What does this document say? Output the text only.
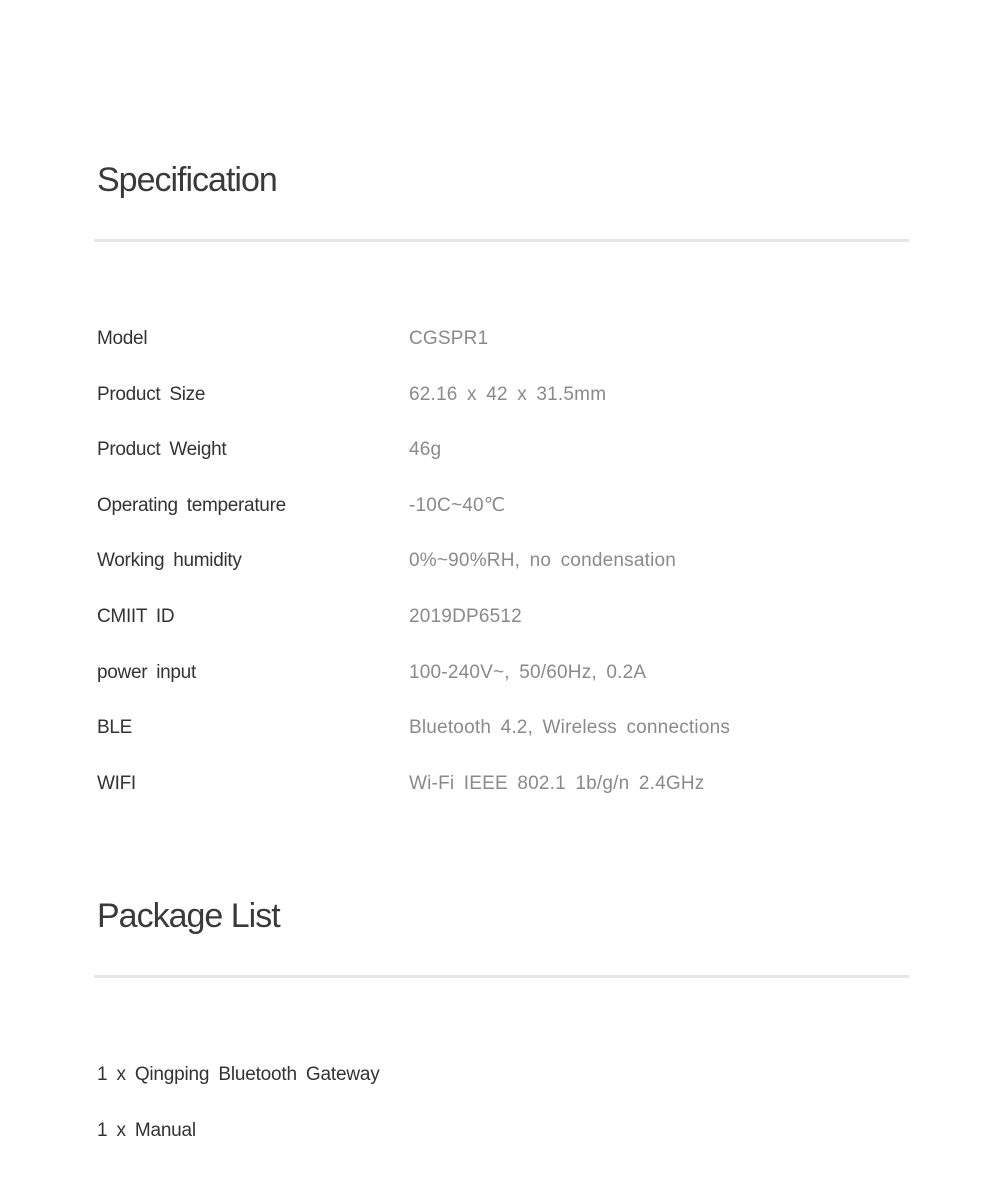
Specification
Model	CGSPR1
Product Size	62.16 x 42 x 31.5mm
Product Weight	46g
Operating temperature	-10C~40℃
Working humidity	0%~90%RH, no condensation
CMIIT ID	2019DP6512
power input	100-240V~, 50/60Hz, 0.2A
BLE	Bluetooth 4.2, Wireless connections
WIFI	Wi-Fi IEEE 802.1 1b/g/n 2.4GHz
Package List
1 x Qingping Bluetooth Gateway
1 x Manual
